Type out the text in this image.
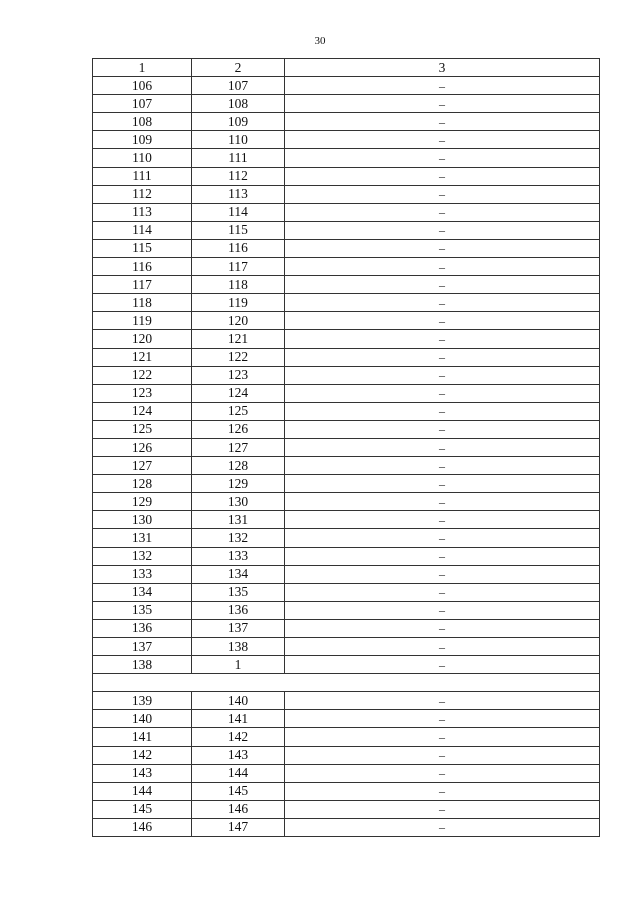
30
1	2	3
106	107	–
107	108	–
108	109	–
109	110	–
110	111	–
111	112	–
112	113	–
113	114	–
114	115	–
115	116	–
116	117	–
117	118	–
118	119	–
119	120	–
120	121	–
121	122	–
122	123	–
123	124	–
124	125	–
125	126	–
126	127	–
127	128	–
128	129	–
129	130	–
130	131	–
131	132	–
132	133	–
133	134	–
134	135	–
135	136	–
136	137	–
137	138	–
138	1	–

139	140	–
140	141	–
141	142	–
142	143	–
143	144	–
144	145	–
145	146	–
146	147	–
